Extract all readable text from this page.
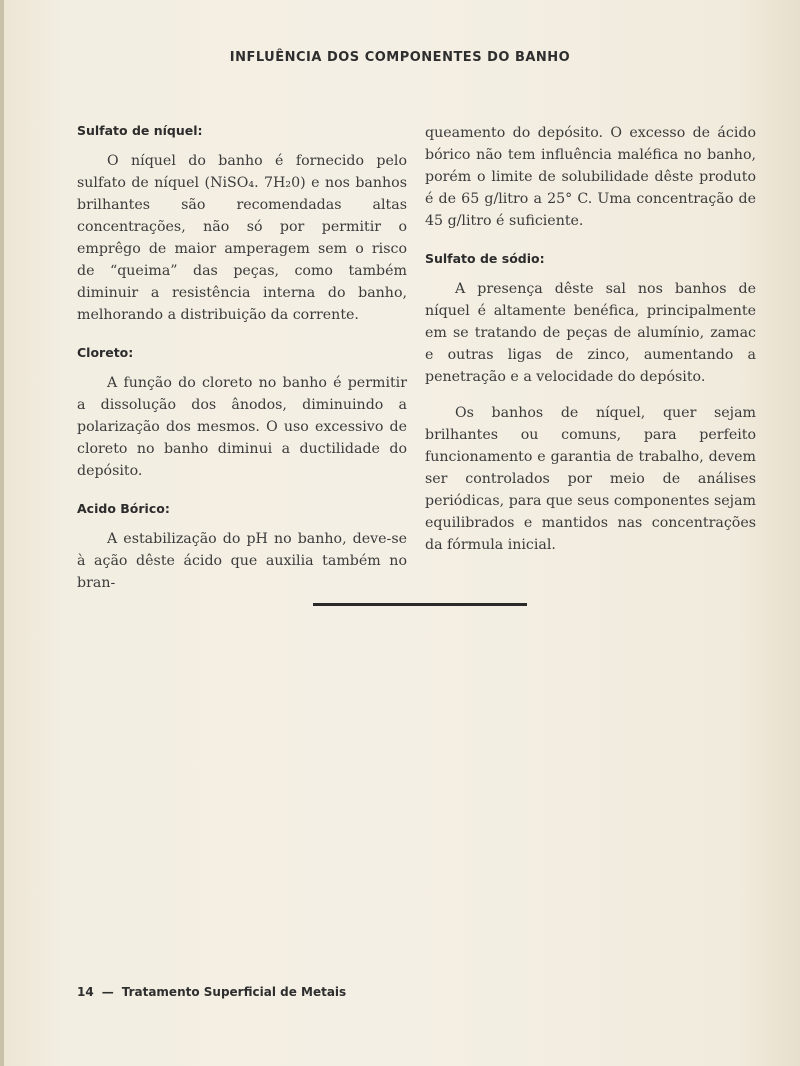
INFLUÊNCIA DOS COMPONENTES DO BANHO
Sulfato de níquel:

O níquel do banho é fornecido pelo sulfato de níquel (NiSO₄. 7H₂0) e nos banhos brilhantes são recomendadas altas concentrações, não só por permitir o emprêgo de maior amperagem sem o risco de “queima” das peças, como também diminuir a resistência interna do banho, melhorando a distribuição da corrente.

Cloreto:

A função do cloreto no banho é permitir a dissolução dos ânodos, diminuindo a polarização dos mesmos. O uso excessivo de cloreto no banho diminui a ductilidade do depósito.

Acido Bórico:

A estabilização do pH no banho, deve-se à ação dêste ácido que auxilia também no bran-

queamento do depósito. O excesso de ácido bórico não tem influência maléfica no banho, porém o limite de solubilidade dêste produto é de 65 g/litro a 25° C. Uma concentração de 45 g/litro é suficiente.

Sulfato de sódio:

A presença dêste sal nos banhos de níquel é altamente benéfica, principalmente em se tratando de peças de alumínio, zamac e outras ligas de zinco, aumentando a penetração e a velocidade do depósito.

Os banhos de níquel, quer sejam brilhantes ou comuns, para perfeito funcionamento e garantia de trabalho, devem ser controlados por meio de análises periódicas, para que seus componentes sejam equilibrados e mantidos nas concentrações da fórmula inicial.

14 — Tratamento Superficial de Metais
